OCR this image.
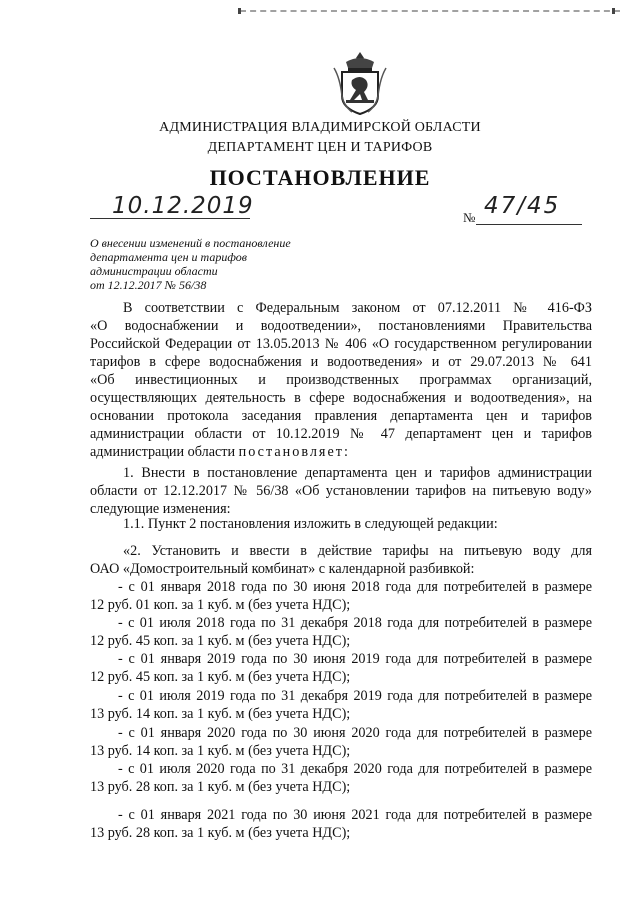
АДМИНИСТРАЦИЯ ВЛАДИМИРСКОЙ ОБЛАСТИ
ДЕПАРТАМЕНТ ЦЕН И ТАРИФОВ
ПОСТАНОВЛЕНИЕ
10.12.2019	№ 47/45
О внесении изменений в постановление
департамента цен и тарифов
администрации области
от 12.12.2017 № 56/38
В соответствии с Федеральным законом от 07.12.2011 № 416-ФЗ
«О водоснабжении и водоотведении», постановлениями Правительства
Российской Федерации от 13.05.2013 № 406 «О государственном регулировании
тарифов в сфере водоснабжения и водоотведения» и от 29.07.2013 № 641
«Об инвестиционных и производственных программах организаций,
осуществляющих деятельность в сфере водоснабжения и водоотведения», на
основании протокола заседания правления департамента цен и тарифов
администрации области от 10.12.2019 № 47 департамент цен и тарифов
администрации области постановляет:
1. Внести в постановление департамента цен и тарифов администрации
области от 12.12.2017 № 56/38 «Об установлении тарифов на питьевую воду»
следующие изменения:
1.1. Пункт 2 постановления изложить в следующей редакции:
«2. Установить и ввести в действие тарифы на питьевую воду для
ОАО «Домостроительный комбинат» с календарной разбивкой:
- с 01 января 2018 года по 30 июня 2018 года для потребителей в размере
12 руб. 01 коп. за 1 куб. м (без учета НДС);
- с 01 июля 2018 года по 31 декабря 2018 года для потребителей в размере
12 руб. 45 коп. за 1 куб. м (без учета НДС);
- с 01 января 2019 года по 30 июня 2019 года для потребителей в размере
12 руб. 45 коп. за 1 куб. м (без учета НДС);
- с 01 июля 2019 года по 31 декабря 2019 года для потребителей в размере
13 руб. 14 коп. за 1 куб. м (без учета НДС);
- с 01 января 2020 года по 30 июня 2020 года для потребителей в размере
13 руб. 14 коп. за 1 куб. м (без учета НДС);
- с 01 июля 2020 года по 31 декабря 2020 года для потребителей в размере
13 руб. 28 коп. за 1 куб. м (без учета НДС);
- с 01 января 2021 года по 30 июня 2021 года для потребителей в размере
13 руб. 28 коп. за 1 куб. м (без учета НДС);
